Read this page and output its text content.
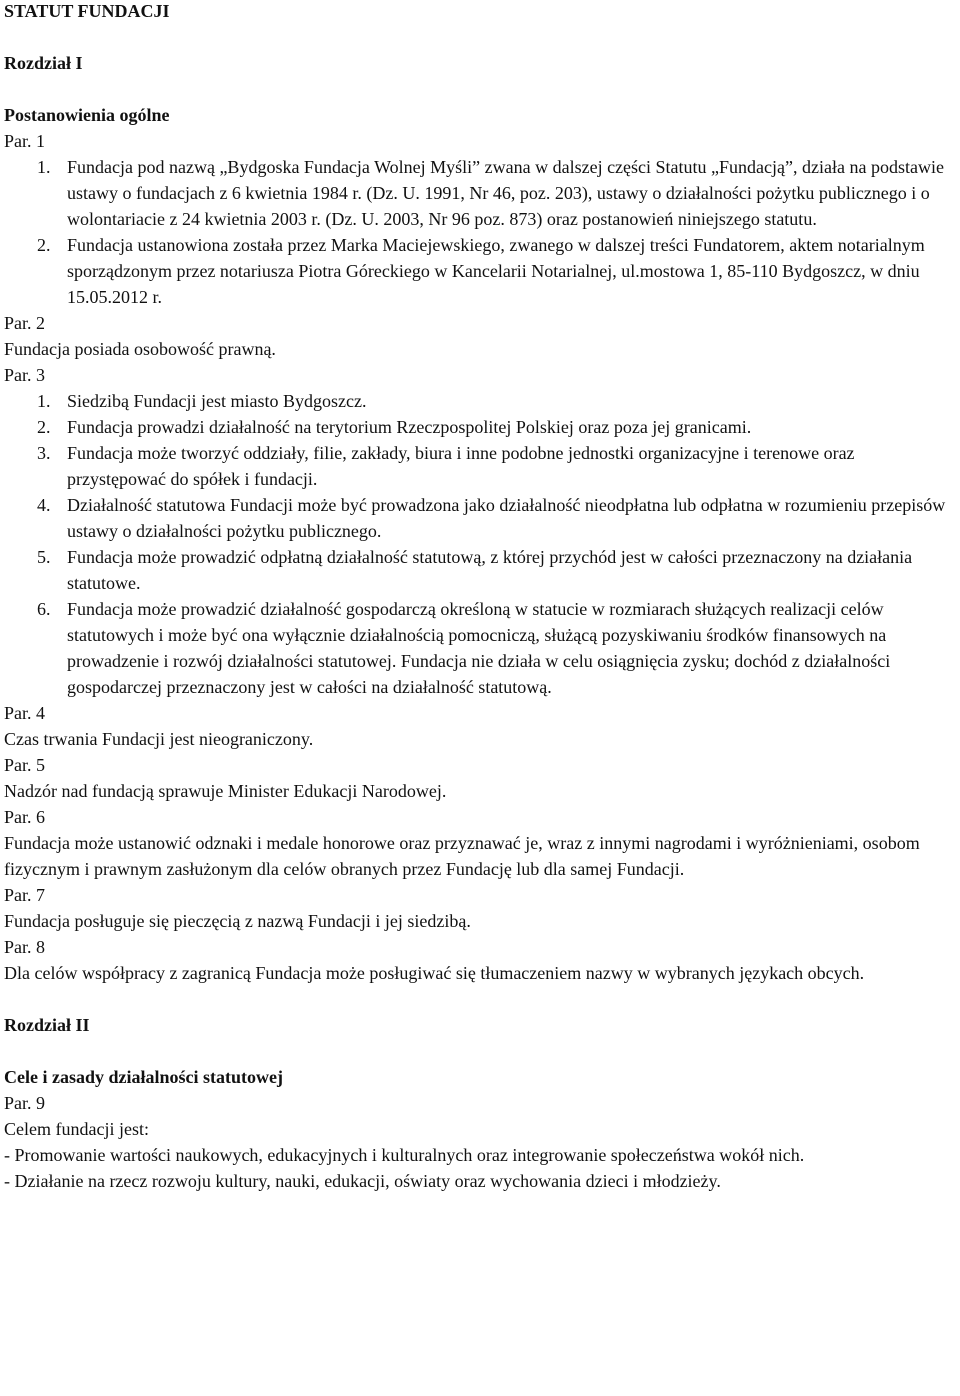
STATUT FUNDACJI

Rozdział I

Postanowienia ogólne

Par. 1

1. Fundacja pod nazwą „Bydgoska Fundacja Wolnej Myśli” zwana w dalszej części Statutu „Fundacją”, działa na podstawie ustawy o fundacjach z 6 kwietnia 1984 r. (Dz. U. 1991, Nr 46, poz. 203), ustawy o działalności pożytku publicznego i o wolontariacie z 24 kwietnia 2003 r. (Dz. U. 2003, Nr 96 poz. 873) oraz postanowień niniejszego statutu.
2. Fundacja ustanowiona została przez Marka Maciejewskiego, zwanego w dalszej treści Fundatorem, aktem notarialnym sporządzonym przez notariusza Piotra Góreckiego w Kancelarii Notarialnej, ul.mostowa 1, 85-110 Bydgoszcz, w dniu 15.05.2012 r.

Par. 2

Fundacja posiada osobowość prawną.

Par. 3

1. Siedzibą Fundacji jest miasto Bydgoszcz.
2. Fundacja prowadzi działalność na terytorium Rzeczpospolitej Polskiej oraz poza jej granicami.
3. Fundacja może tworzyć oddziały, filie, zakłady, biura i inne podobne jednostki organizacyjne i terenowe oraz przystępować do spółek i fundacji.
4. Działalność statutowa Fundacji może być prowadzona jako działalność nieodpłatna lub odpłatna w rozumieniu przepisów ustawy o działalności pożytku publicznego.
5. Fundacja może prowadzić odpłatną działalność statutową, z której przychód jest w całości przeznaczony na działania statutowe.
6. Fundacja może prowadzić działalność gospodarczą określoną w statucie w rozmiarach służących realizacji celów statutowych i może być ona wyłącznie działalnością pomocniczą, służącą pozyskiwaniu środków finansowych na prowadzenie i rozwój działalności statutowej. Fundacja nie działa w celu osiągnięcia zysku; dochód z działalności gospodarczej przeznaczony jest w całości na działalność statutową.

Par. 4

Czas trwania Fundacji jest nieograniczony.

Par. 5

Nadzór nad fundacją sprawuje Minister Edukacji Narodowej.

Par. 6

Fundacja może ustanowić odznaki i medale honorowe oraz przyznawać je, wraz z innymi nagrodami i wyróżnieniami, osobom fizycznym i prawnym zasłużonym dla celów obranych przez Fundację lub dla samej Fundacji.

Par. 7

Fundacja posługuje się pieczęcią z nazwą Fundacji i jej siedzibą.

Par. 8

Dla celów współpracy z zagranicą Fundacja może posługiwać się tłumaczeniem nazwy w wybranych językach obcych.

Rozdział II

Cele i zasady działalności statutowej

Par. 9

Celem fundacji jest:

- Promowanie wartości naukowych, edukacyjnych i kulturalnych oraz integrowanie społeczeństwa wokół nich.

- Działanie na rzecz rozwoju kultury, nauki, edukacji, oświaty oraz wychowania dzieci i młodzieży.
